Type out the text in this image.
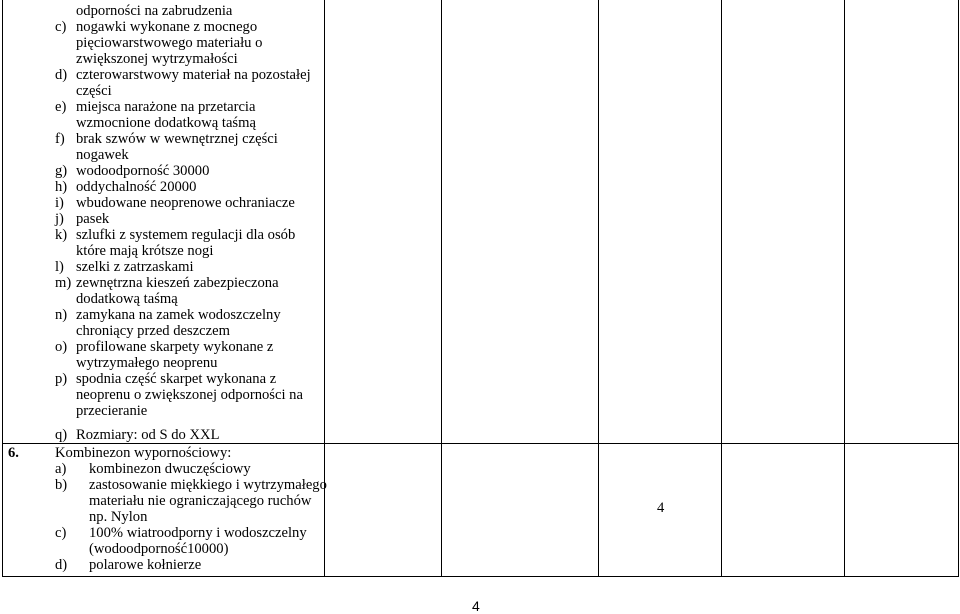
odporności na zabrudzenia
c) nogawki wykonane z mocnego
pięciowarstwowego materiału o
zwiększonej wytrzymałości
d) czterowarstwowy materiał na pozostałej
części
e) miejsca narażone na przetarcia
wzmocnione dodatkową taśmą
f) brak szwów w wewnętrznej części
nogawek
g) wodoodporność 30000
h) oddychalność 20000
i) wbudowane neoprenowe ochraniacze
j) pasek
k) szlufki z systemem regulacji dla osób
które mają krótsze nogi
l) szelki z zatrzaskami
m) zewnętrzna kieszeń zabezpieczona
dodatkową taśmą
n) zamykana na zamek wodoszczelny
chroniący przed deszczem
o) profilowane skarpety wykonane z
wytrzymałego neoprenu
p) spodnia część skarpet wykonana z
neoprenu o zwiększonej odporności na
przecieranie
q) Rozmiary: od S do XXL
6. Kombinezon wypornościowy:
a) kombinezon dwuczęściowy
b) zastosowanie miękkiego i wytrzymałego
materiału nie ograniczającego ruchów
np. Nylon
c) 100% wiatroodporny i wodoszczelny
(wodoodporność10000)
d) polarowe kołnierze
4
4
